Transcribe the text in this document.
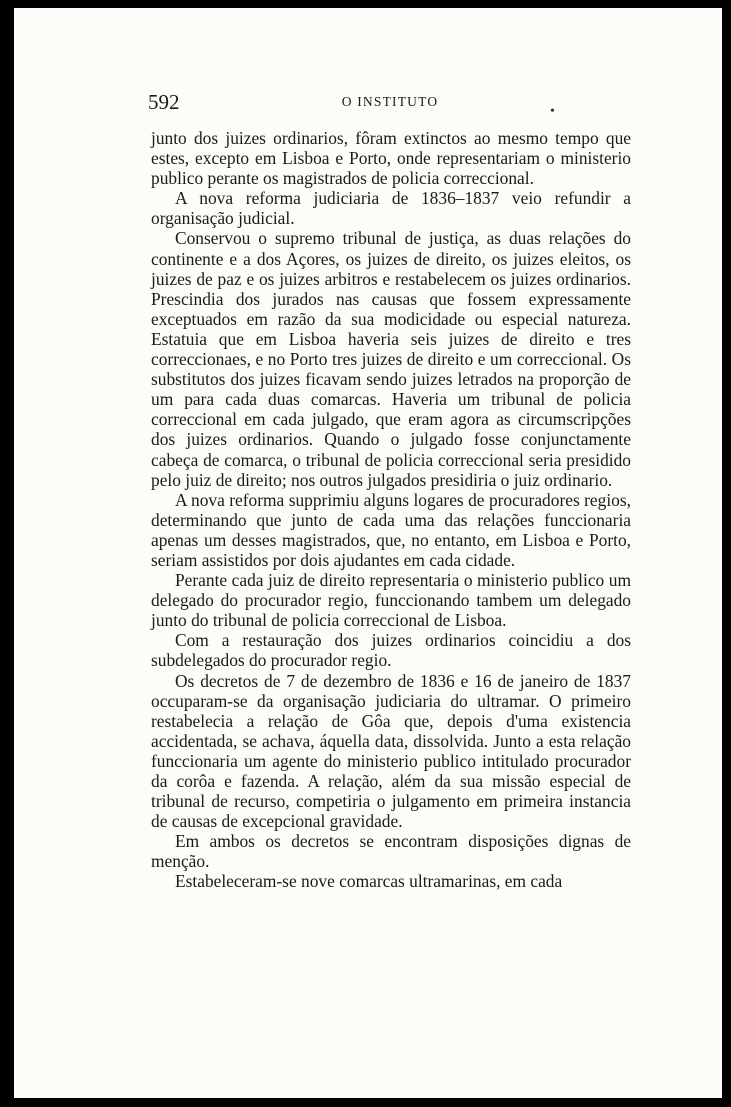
592	O INSTITUTO
•

junto dos juizes ordinarios, fôram extinctos ao mesmo tempo que estes, excepto em Lisboa e Porto, onde representariam o ministerio publico perante os magistrados de policia correccional.

A nova reforma judiciaria de 1836–1837 veio refundir a organisação judicial.

Conservou o supremo tribunal de justiça, as duas relações do continente e a dos Açores, os juizes de direito, os juizes eleitos, os juizes de paz e os juizes arbitros e restabelecem os juizes ordinarios. Prescindia dos jurados nas causas que fossem expressamente exceptuados em razão da sua modicidade ou especial natureza. Estatuia que em Lisboa haveria seis juizes de direito e tres correccionaes, e no Porto tres juizes de direito e um correccional. Os substitutos dos juizes ficavam sendo juizes letrados na proporção de um para cada duas comarcas. Haveria um tribunal de policia correccional em cada julgado, que eram agora as circumscripções dos juizes ordinarios. Quando o julgado fosse conjunctamente cabeça de comarca, o tribunal de policia correccional seria presidido pelo juiz de direito; nos outros julgados presidiria o juiz ordinario.

A nova reforma supprimiu alguns logares de procuradores regios, determinando que junto de cada uma das relações funccionaria apenas um desses magistrados, que, no entanto, em Lisboa e Porto, seriam assistidos por dois ajudantes em cada cidade.

Perante cada juiz de direito representaria o ministerio publico um delegado do procurador regio, funccionando tambem um delegado junto do tribunal de policia correccional de Lisboa.

Com a restauração dos juizes ordinarios coincidiu a dos subdelegados do procurador regio.

Os decretos de 7 de dezembro de 1836 e 16 de janeiro de 1837 occuparam-se da organisação judiciaria do ultramar. O primeiro restabelecia a relação de Gôa que, depois d'uma existencia accidentada, se achava, áquella data, dissolvida. Junto a esta relação funccionaria um agente do ministerio publico intitulado procurador da corôa e fazenda. A relação, além da sua missão especial de tribunal de recurso, competiria o julgamento em primeira instancia de causas de excepcional gravidade.

Em ambos os decretos se encontram disposições dignas de menção.

Estabeleceram-se nove comarcas ultramarinas, em cada
